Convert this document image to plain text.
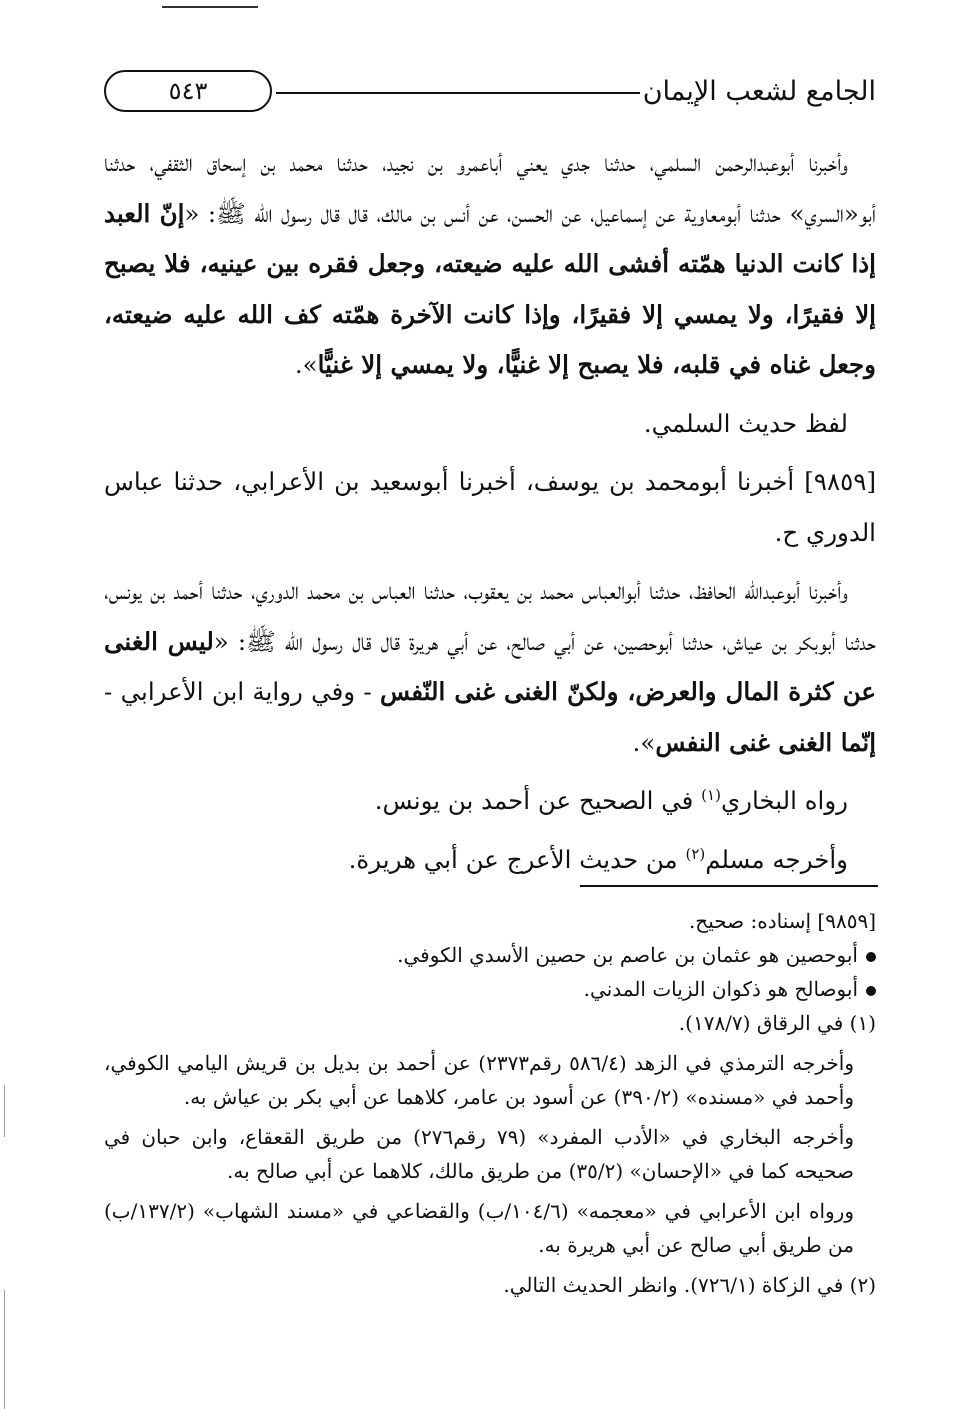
الجامع لشعب الإيمان
٥٤٣

وأخبرنا أبوعبدالرحمن السلمي، حدثنا جدي يعني أباعمرو بن نجيد، حدثنا محمد بن إسحاق الثقفي، حدثنا أبو«السري» حدثنا أبومعاوية عن إسماعيل، عن الحسن، عن أنس بن مالك، قال قال رسول الله ﷺ: «إنّ العبد إذا كانت الدنيا همّته أفشى الله عليه ضيعته، وجعل فقره بين عينيه، فلا يصبح إلا فقيرًا، ولا يمسي إلا فقيرًا، وإذا كانت الآخرة همّته كف الله عليه ضيعته، وجعل غناه في قلبه، فلا يصبح إلا غنيًّا، ولا يمسي إلا غنيًّا».

لفظ حديث السلمي.

[٩٨٥٩] أخبرنا أبومحمد بن يوسف، أخبرنا أبوسعيد بن الأعرابي، حدثنا عباس الدوري ح.

وأخبرنا أبوعبدالله الحافظ، حدثنا أبوالعباس محمد بن يعقوب، حدثنا العباس بن محمد الدوري، حدثنا أحمد بن يونس، حدثنا أبوبكر بن عياش، حدثنا أبوحصين، عن أبي صالح، عن أبي هريرة قال قال رسول الله ﷺ: «ليس الغنى عن كثرة المال والعرض، ولكنّ الغنى غنى النّفس - وفي رواية ابن الأعرابي - إنّما الغنى غنى النفس».

رواه البخاري$^{(١)}$ في الصحيح عن أحمد بن يونس.

وأخرجه مسلم$^{(٢)}$ من حديث الأعرج عن أبي هريرة.

[٩٨٥٩] إسناده: صحيح.

أبوحصين هو عثمان بن عاصم بن حصين الأسدي الكوفي.

أبوصالح هو ذكوان الزيات المدني.

(١) في الرقاق (١٧٨/٧).

وأخرجه الترمذي في الزهد (٥٨٦/٤ رقم٢٣٧٣) عن أحمد بن بديل بن قريش اليامي الكوفي، وأحمد في «مسنده» (٣٩٠/٢) عن أسود بن عامر، كلاهما عن أبي بكر بن عياش به.

وأخرجه البخاري في «الأدب المفرد» (٧٩ رقم٢٧٦) من طريق القعقاع، وابن حبان في صحيحه كما في «الإحسان» (٣٥/٢) من طريق مالك، كلاهما عن أبي صالح به.

ورواه ابن الأعرابي في «معجمه» (١٠٤/٦/ب) والقضاعي في «مسند الشهاب» (١٣٧/٢/ب) من طريق أبي صالح عن أبي هريرة به.

(٢) في الزكاة (٧٢٦/١). وانظر الحديث التالي.
